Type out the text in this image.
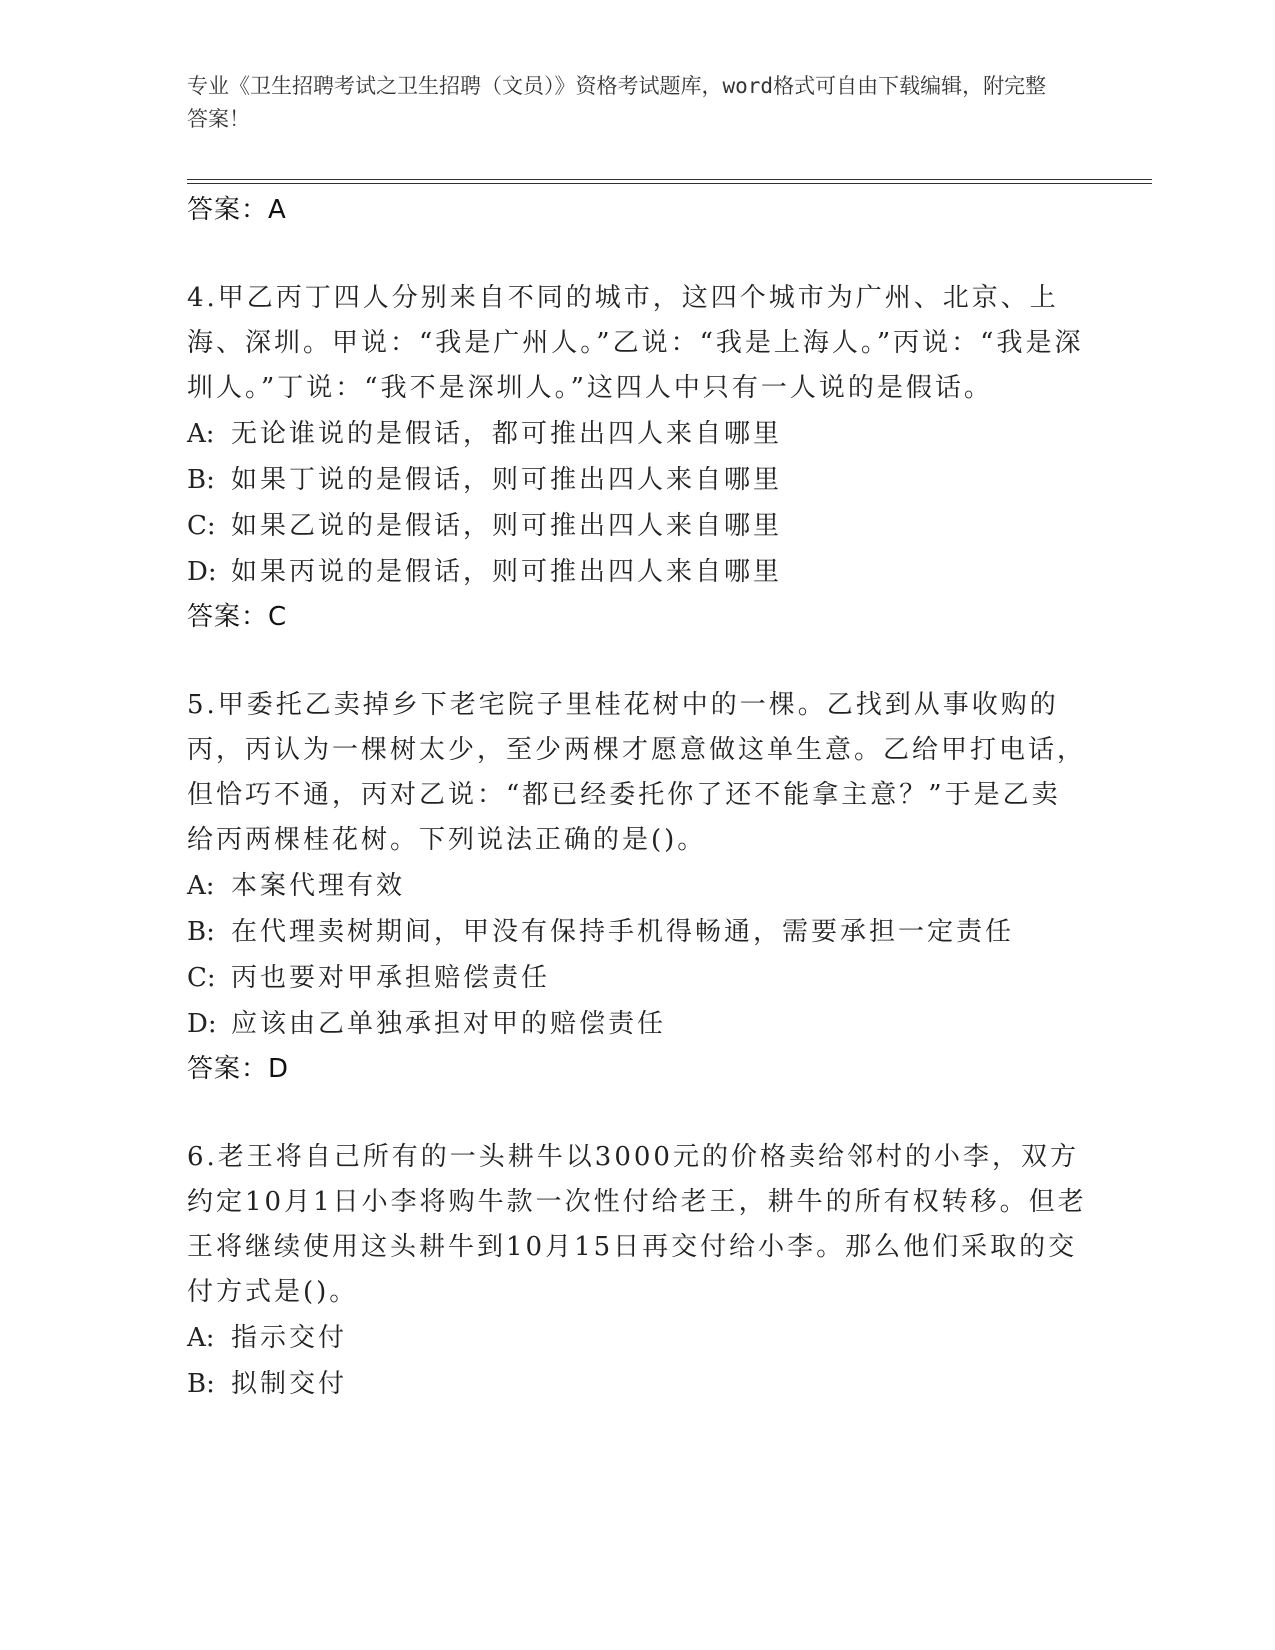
专业《卫生招聘考试之卫生招聘（文员）》资格考试题库，word格式可自由下载编辑，附完整答案！
答案：A
4.甲乙丙丁四人分别来自不同的城市，这四个城市为广州、北京、上海、深圳。甲说：“我是广州人。”乙说：“我是上海人。”丙说：“我是深圳人。”丁说：“我不是深圳人。”这四人中只有一人说的是假话。
A: 无论谁说的是假话，都可推出四人来自哪里
B: 如果丁说的是假话，则可推出四人来自哪里
C: 如果乙说的是假话，则可推出四人来自哪里
D: 如果丙说的是假话，则可推出四人来自哪里
答案：C
5.甲委托乙卖掉乡下老宅院子里桂花树中的一棵。乙找到从事收购的丙，丙认为一棵树太少，至少两棵才愿意做这单生意。乙给甲打电话，但恰巧不通，丙对乙说：“都已经委托你了还不能拿主意？”于是乙卖给丙两棵桂花树。下列说法正确的是()。
A: 本案代理有效
B: 在代理卖树期间，甲没有保持手机得畅通，需要承担一定责任
C: 丙也要对甲承担赔偿责任
D: 应该由乙单独承担对甲的赔偿责任
答案：D
6.老王将自己所有的一头耕牛以3000元的价格卖给邻村的小李，双方约定10月1日小李将购牛款一次性付给老王，耕牛的所有权转移。但老王将继续使用这头耕牛到10月15日再交付给小李。那么他们采取的交付方式是()。
A: 指示交付
B: 拟制交付
